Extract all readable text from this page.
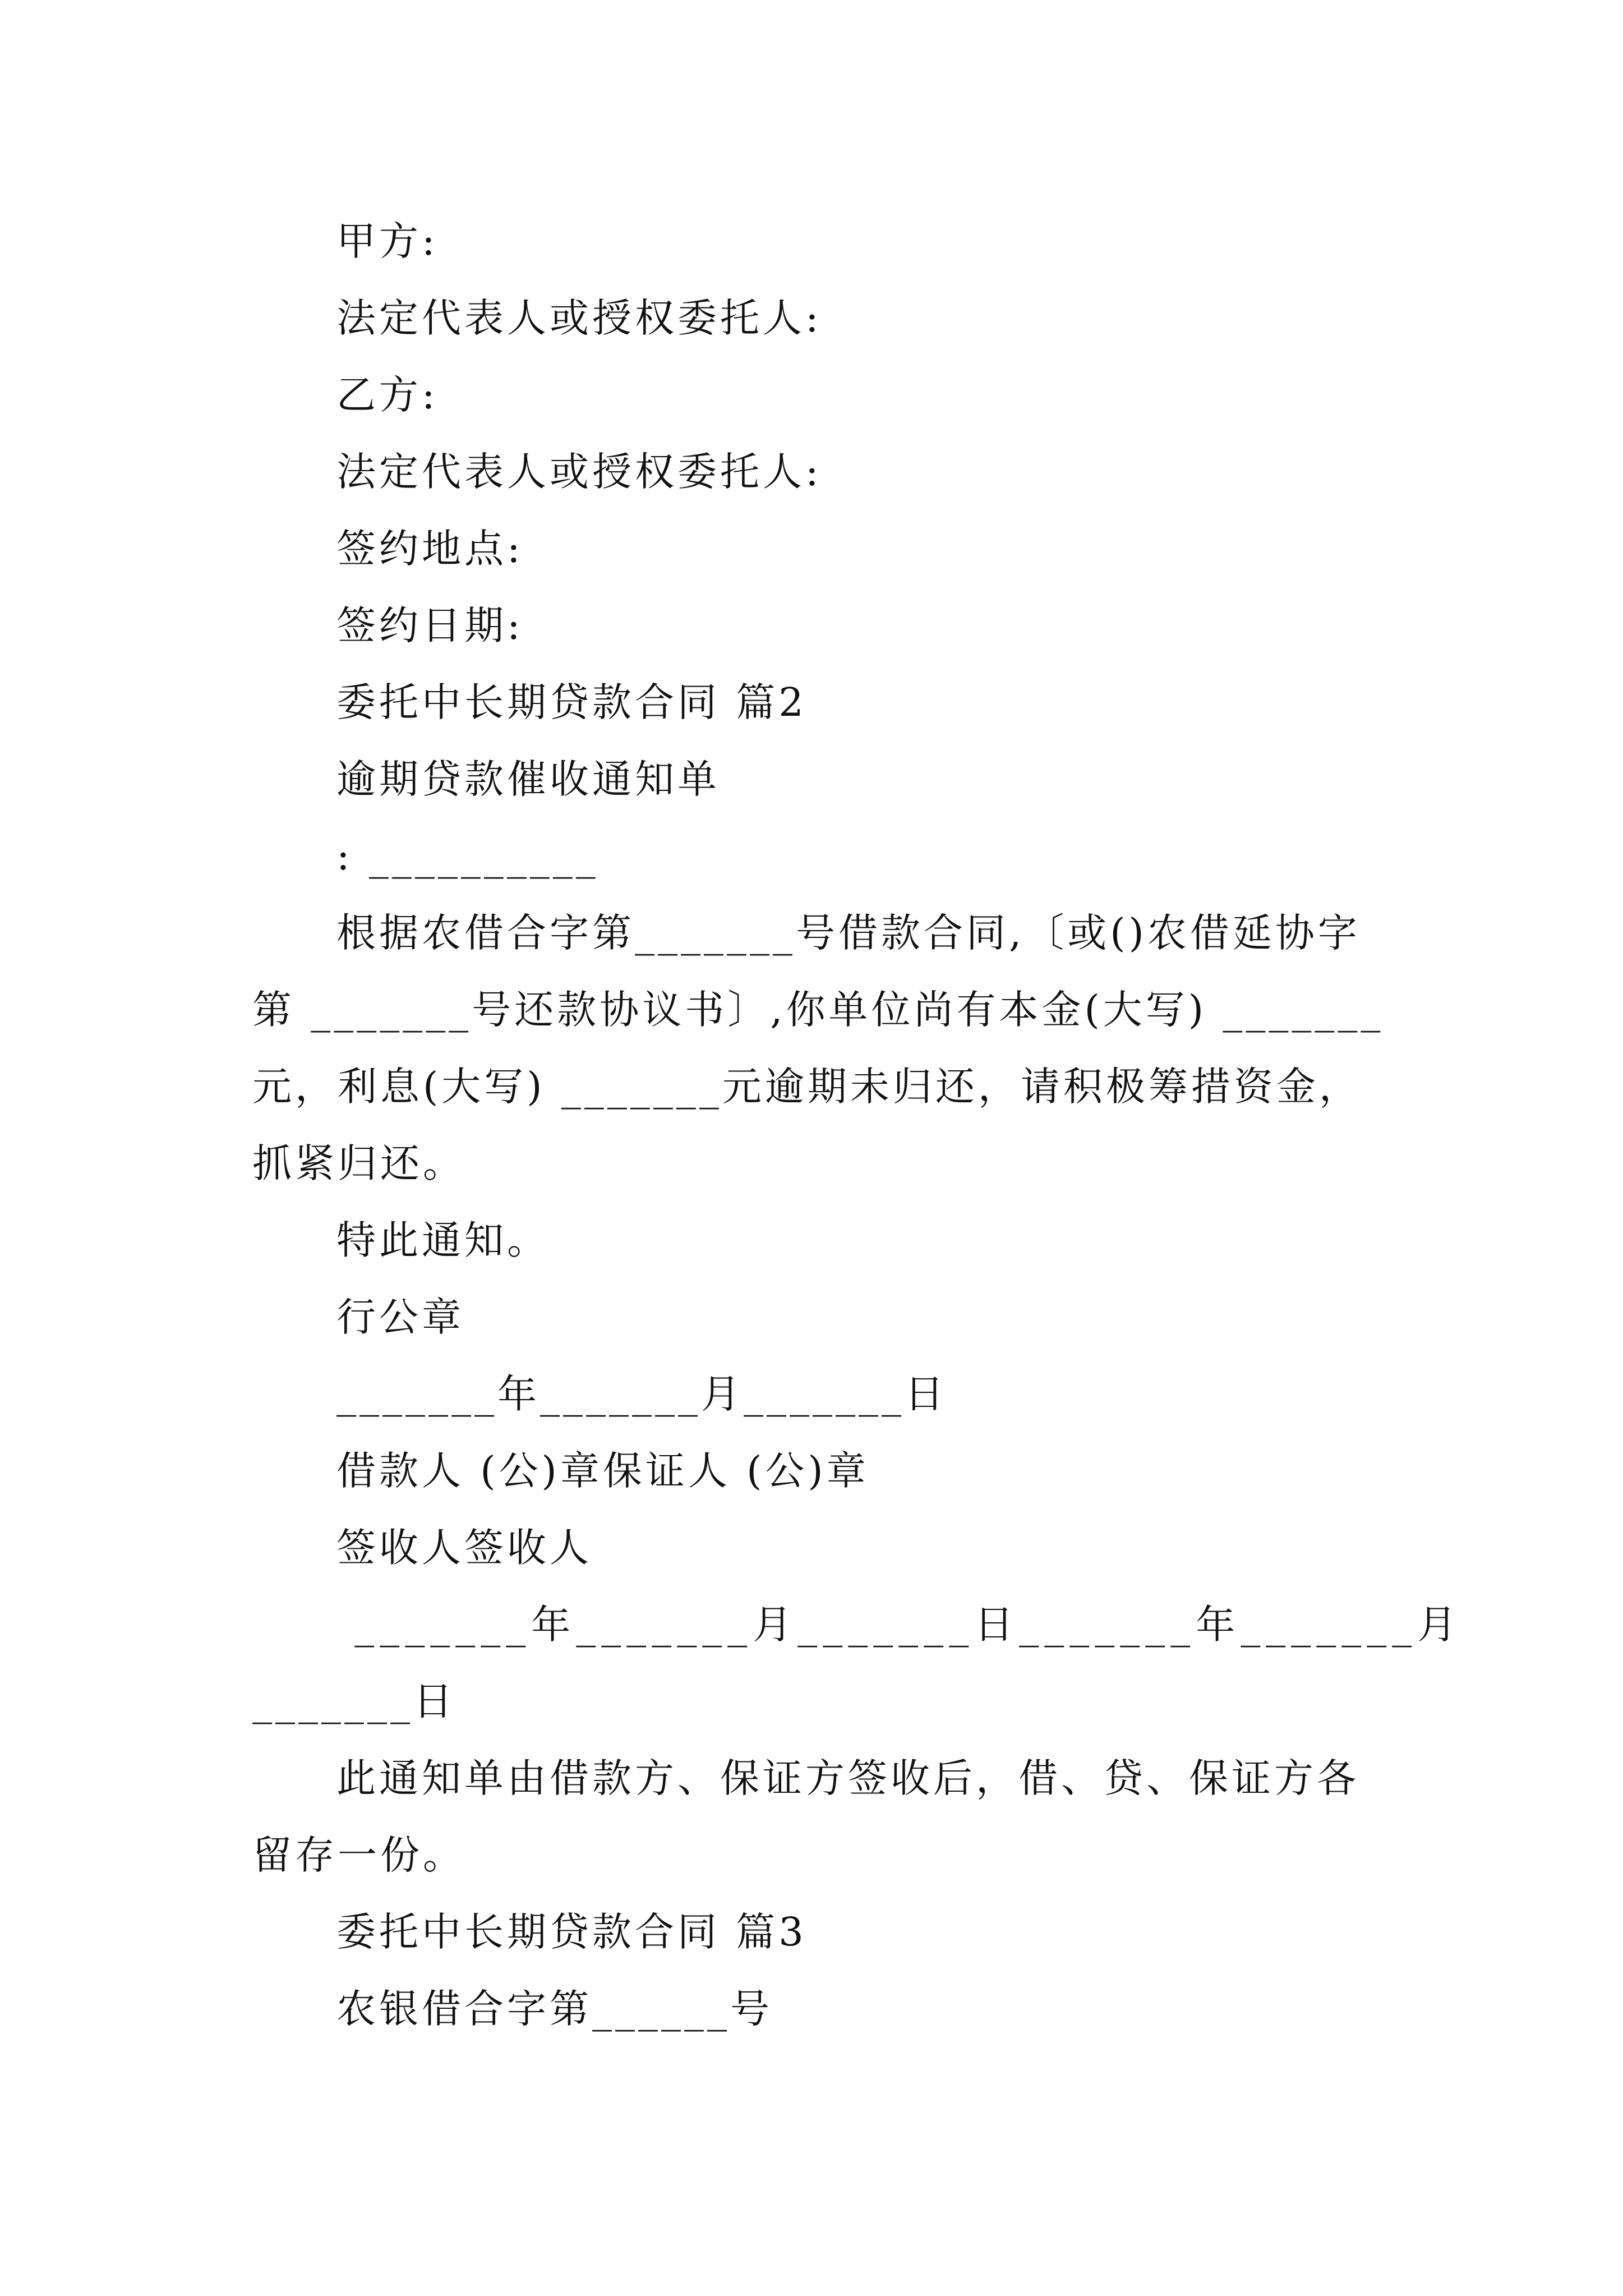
甲方:
法定代表人或授权委托人:
乙方:
法定代表人或授权委托人:
签约地点:
签约日期:
委托中长期贷款合同 篇2
逾期贷款催收通知单
: __________
根据农借合字第_______号借款合同,〔或()农借延协字
第 _______号还款协议书〕,你单位尚有本金(大写) _______
元，利息(大写) _______元逾期未归还，请积极筹措资金，
抓紧归还。
特此通知。
行公章
_______年_______月_______日
借款人 (公)章保证人 (公)章
签收人签收人
_______年_______月_______日_______年_______月
_______日
此通知单由借款方、保证方签收后，借、贷、保证方各
留存一份。
委托中长期贷款合同 篇3
农银借合字第______号
